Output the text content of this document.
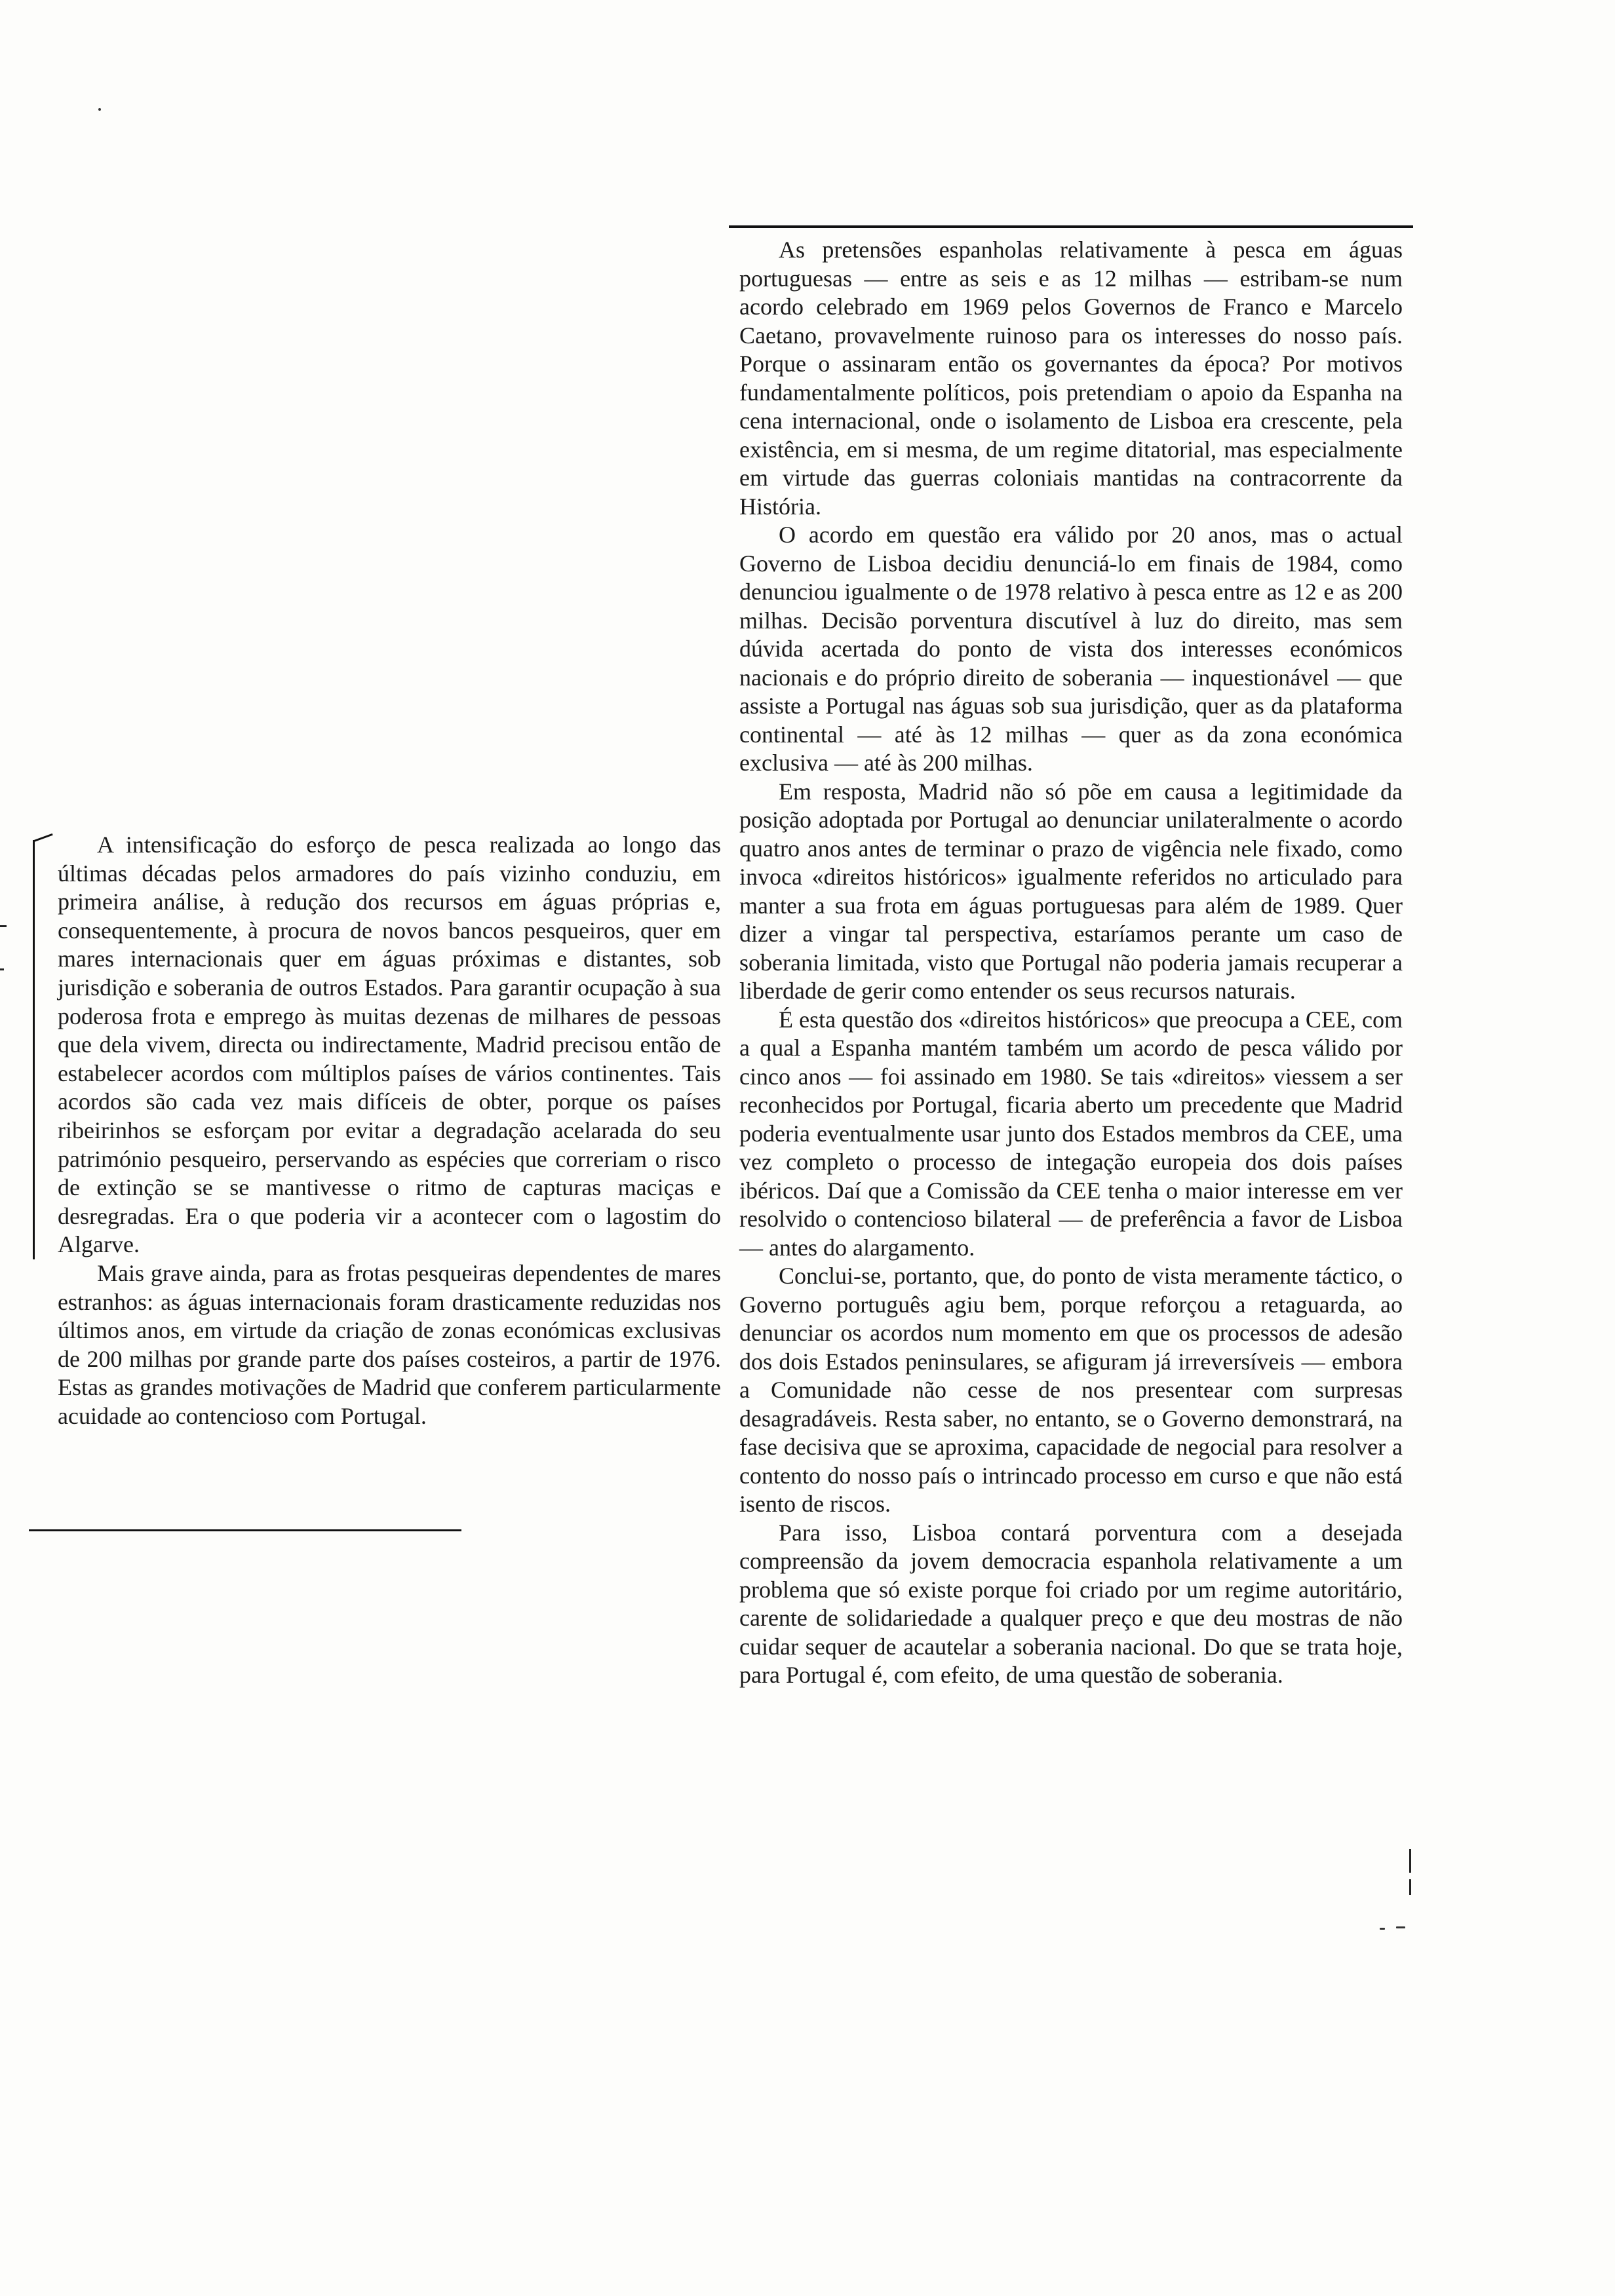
As pretensões espanholas relativamente à pesca em águas portuguesas — entre as seis e as 12 milhas — estribam-se num acordo celebrado em 1969 pelos Governos de Franco e Marcelo Caetano, provavelmente ruinoso para os interesses do nosso país. Porque o assinaram então os governantes da época? Por motivos fundamentalmente políticos, pois pretendiam o apoio da Espanha na cena internacional, onde o isolamento de Lisboa era crescente, pela existência, em si mesma, de um regime ditatorial, mas especialmente em virtude das guerras coloniais mantidas na contracorrente da História.

O acordo em questão era válido por 20 anos, mas o actual Governo de Lisboa decidiu denunciá-lo em finais de 1984, como denunciou igualmente o de 1978 relativo à pesca entre as 12 e as 200 milhas. Decisão porventura discutível à luz do direito, mas sem dúvida acertada do ponto de vista dos interesses económicos nacionais e do próprio direito de soberania — inquestionável — que assiste a Portugal nas águas sob sua jurisdição, quer as da plataforma continental — até às 12 milhas — quer as da zona económica exclusiva — até às 200 milhas.

Em resposta, Madrid não só põe em causa a legitimidade da posição adoptada por Portugal ao denunciar unilateralmente o acordo quatro anos antes de terminar o prazo de vigência nele fixado, como invoca «direitos históricos» igualmente referidos no articulado para manter a sua frota em águas portuguesas para além de 1989. Quer dizer a vingar tal perspectiva, estaríamos perante um caso de soberania limitada, visto que Portugal não poderia jamais recuperar a liberdade de gerir como entender os seus recursos naturais.

É esta questão dos «direitos históricos» que preocupa a CEE, com a qual a Espanha mantém também um acordo de pesca válido por cinco anos — foi assinado em 1980. Se tais «direitos» viessem a ser reconhecidos por Portugal, ficaria aberto um precedente que Madrid poderia eventualmente usar junto dos Estados membros da CEE, uma vez completo o processo de integação europeia dos dois países ibéricos. Daí que a Comissão da CEE tenha o maior interesse em ver resolvido o contencioso bilateral — de preferência a favor de Lisboa — antes do alargamento.

Conclui-se, portanto, que, do ponto de vista meramente táctico, o Governo português agiu bem, porque reforçou a retaguarda, ao denunciar os acordos num momento em que os processos de adesão dos dois Estados peninsulares, se afiguram já irreversíveis — embora a Comunidade não cesse de nos presentear com surpresas desagradáveis. Resta saber, no entanto, se o Governo demonstrará, na fase decisiva que se aproxima, capacidade de negocial para resolver a contento do nosso país o intrincado processo em curso e que não está isento de riscos.

Para isso, Lisboa contará porventura com a desejada compreensão da jovem democracia espanhola relativamente a um problema que só existe porque foi criado por um regime autoritário, carente de solidariedade a qualquer preço e que deu mostras de não cuidar sequer de acautelar a soberania nacional. Do que se trata hoje, para Portugal é, com efeito, de uma questão de soberania.

A intensificação do esforço de pesca realizada ao longo das últimas décadas pelos armadores do país vizinho conduziu, em primeira análise, à redução dos recursos em águas próprias e, consequentemente, à procura de novos bancos pesqueiros, quer em mares internacionais quer em águas próximas e distantes, sob jurisdição e soberania de outros Estados. Para garantir ocupação à sua poderosa frota e emprego às muitas dezenas de milhares de pessoas que dela vivem, directa ou indirectamente, Madrid precisou então de estabelecer acordos com múltiplos países de vários continentes. Tais acordos são cada vez mais difíceis de obter, porque os países ribeirinhos se esforçam por evitar a degradação acelarada do seu património pesqueiro, perservando as espécies que correriam o risco de extinção se se mantivesse o ritmo de capturas maciças e desregradas. Era o que poderia vir a acontecer com o lagostim do Algarve.

Mais grave ainda, para as frotas pesqueiras dependentes de mares estranhos: as águas internacionais foram drasticamente reduzidas nos últimos anos, em virtude da criação de zonas económicas exclusivas de 200 milhas por grande parte dos países costeiros, a partir de 1976. Estas as grandes motivações de Madrid que conferem particularmente acuidade ao contencioso com Portugal.
